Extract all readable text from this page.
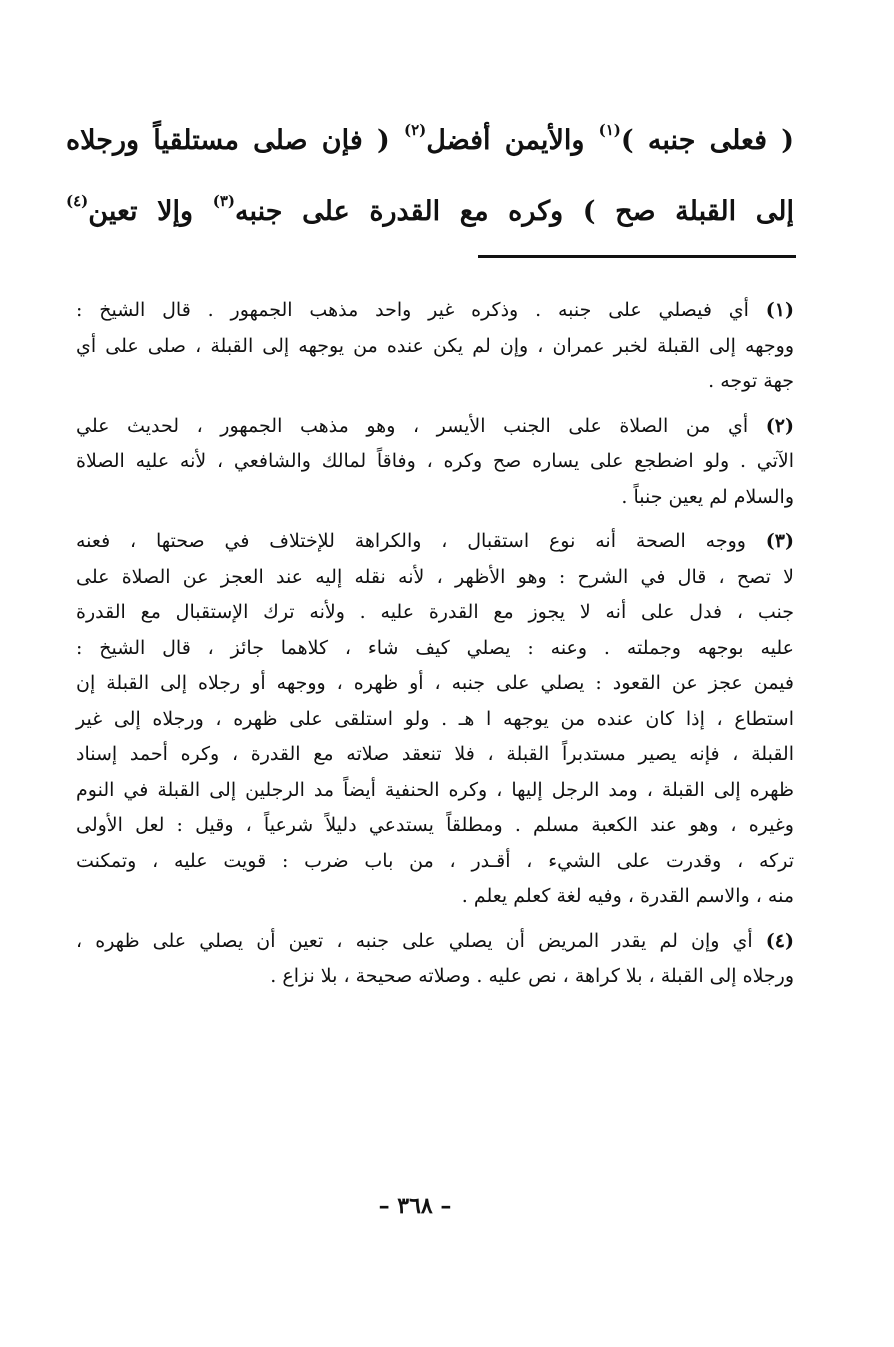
( فعلى جنبه )$^{(١)}$ والأيمن أفضل$^{(٢)}$ ( فإن صلى مستلقياً ورجلاه
إلى القبلة صح ) وكره مع القدرة على جنبه$^{(٣)}$ وإلا تعين$^{(٤)}$
(١) أي فيصلي على جنبه . وذكره غير واحد مذهب الجمهور . قال الشيخ :
ووجهه إلى القبلة لخبر عمران ، وإن لم يكن عنده من يوجهه إلى القبلة ، صلى على أي
جهة توجه .
(٢) أي من الصلاة على الجنب الأيسر ، وهو مذهب الجمهور ، لحديث علي
الآتي . ولو اضطجع على يساره صح وكره ، وفاقاً لمالك والشافعي ، لأنه عليه الصلاة
والسلام لم يعين جنباً .
(٣) ووجه الصحة أنه نوع استقبال ، والكراهة للإختلاف في صحتها ، فعنه
لا تصح ، قال في الشرح : وهو الأظهر ، لأنه نقله إليه عند العجز عن الصلاة على
جنب ، فدل على أنه لا يجوز مع القدرة عليه . ولأنه ترك الإستقبال مع القدرة
عليه بوجهه وجملته . وعنه : يصلي كيف شاء ، كلاهما جائز ، قال الشيخ :
فيمن عجز عن القعود : يصلي على جنبه ، أو ظهره ، ووجهه أو رجلاه إلى القبلة إن
استطاع ، إذا كان عنده من يوجهه ا هـ . ولو استلقى على ظهره ، ورجلاه إلى غير
القبلة ، فإنه يصير مستدبراً القبلة ، فلا تنعقد صلاته مع القدرة ، وكره أحمد إسناد
ظهره إلى القبلة ، ومد الرجل إليها ، وكره الحنفية أيضاً مد الرجلين إلى القبلة في النوم
وغيره ، وهو عند الكعبة مسلم . ومطلقاً يستدعي دليلاً شرعياً ، وقيل : لعل الأولى
تركه ، وقدرت على الشيء ، أقـدر ، من باب ضرب : قويت عليه ، وتمكنت
منه ، والاسم القدرة ، وفيه لغة كعلم يعلم .
(٤) أي وإن لم يقدر المريض أن يصلي على جنبه ، تعين أن يصلي على ظهره ،
ورجلاه إلى القبلة ، بلا كراهة ، نص عليه . وصلاته صحيحة ، بلا نزاع .
– ٣٦٨ –
